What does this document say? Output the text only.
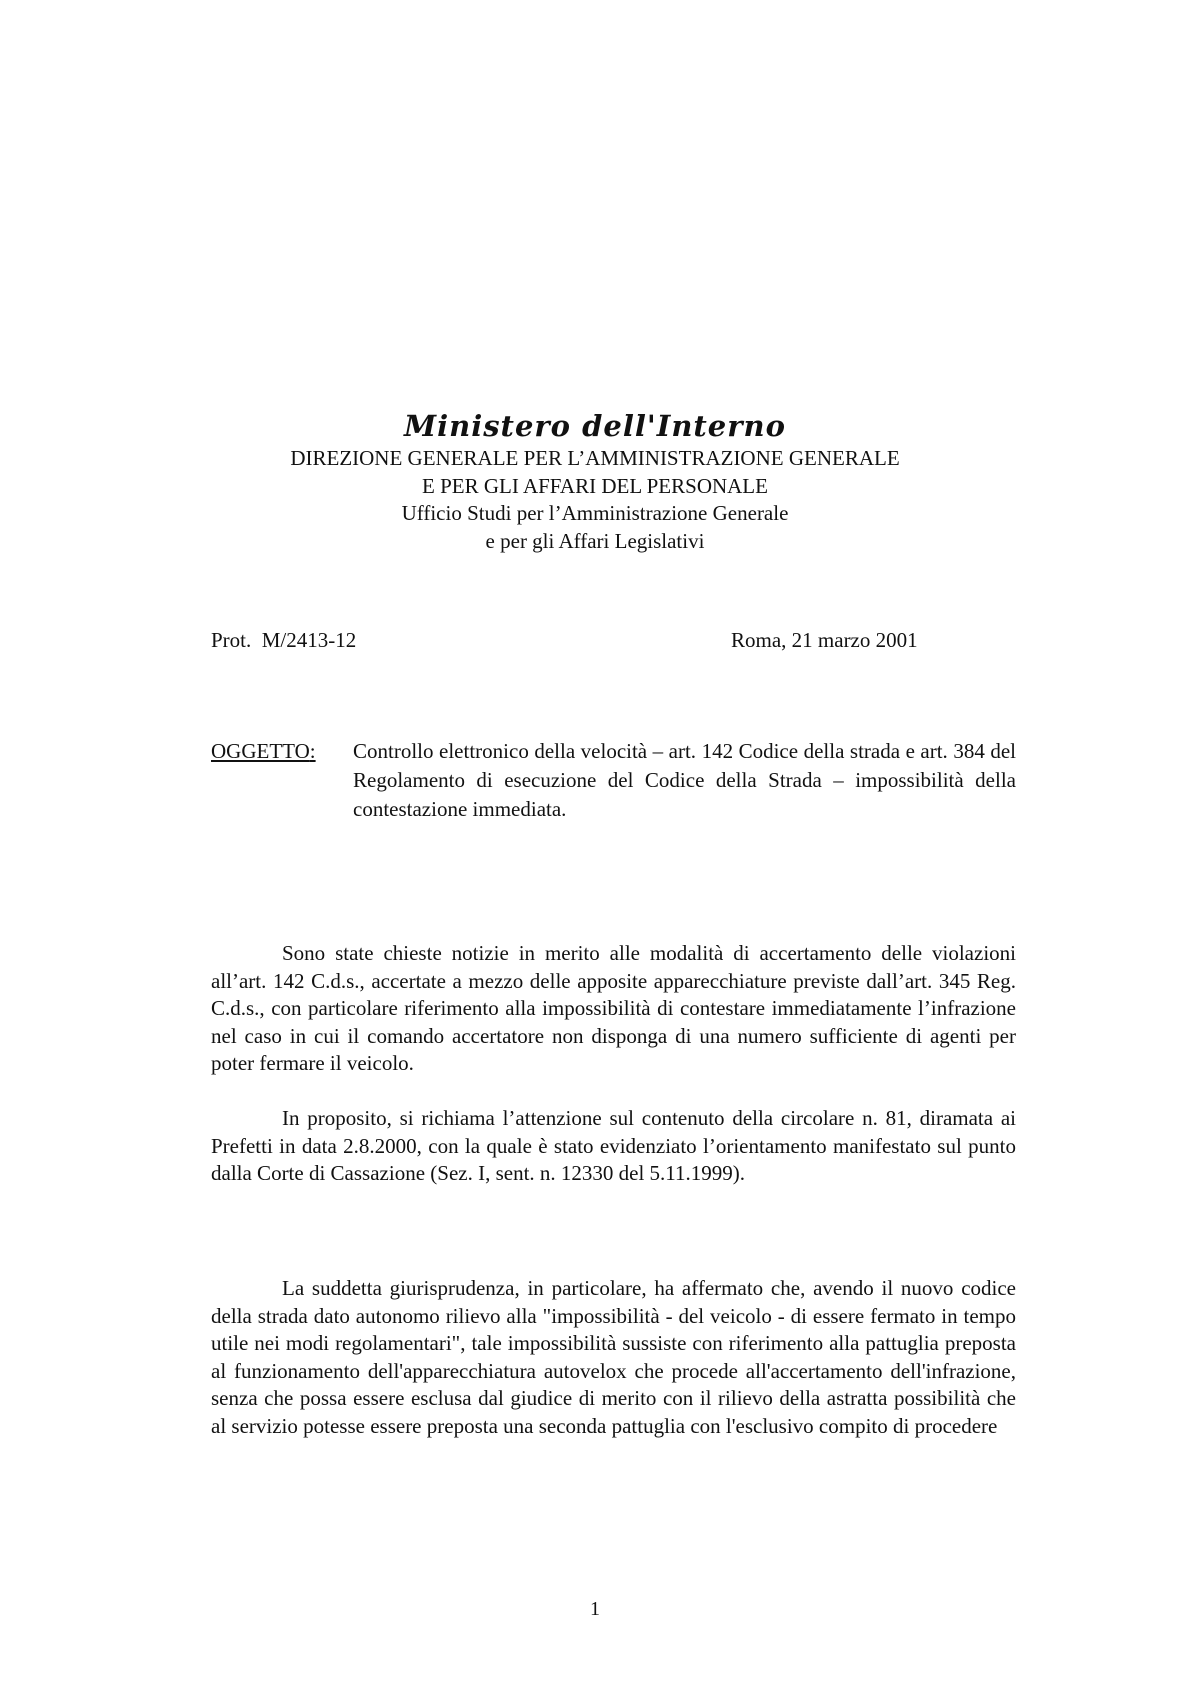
Ministero dell'Interno
DIREZIONE GENERALE PER L’AMMINISTRAZIONE GENERALE
E PER GLI AFFARI DEL PERSONALE
Ufficio Studi per l’Amministrazione Generale
e per gli Affari Legislativi
Prot.  M/2413-12	Roma, 21 marzo 2001
OGGETTO: Controllo elettronico della velocità – art. 142 Codice della strada e art. 384 del Regolamento di esecuzione del Codice della Strada – impossibilità della contestazione immediata.

Sono state chieste notizie in merito alle modalità di accertamento delle violazioni all’art. 142 C.d.s., accertate a mezzo delle apposite apparecchiature previste dall’art. 345 Reg. C.d.s., con particolare riferimento alla impossibilità di contestare immediatamente l’infrazione nel caso in cui il comando accertatore non disponga di una numero sufficiente di agenti per poter fermare il veicolo.

In proposito, si richiama l’attenzione sul contenuto della circolare n. 81, diramata ai Prefetti in data 2.8.2000, con la quale è stato evidenziato l’orientamento manifestato sul punto dalla Corte di Cassazione (Sez. I, sent. n. 12330 del 5.11.1999).

La suddetta giurisprudenza, in particolare, ha affermato che, avendo il nuovo codice della strada dato autonomo rilievo alla "impossibilità - del veicolo - di essere fermato in tempo utile nei modi regolamentari", tale impossibilità sussiste con riferimento alla pattuglia preposta al funzionamento dell'apparecchiatura autovelox che procede all'accertamento dell'infrazione, senza che possa essere esclusa dal giudice di merito con il rilievo della astratta possibilità che al servizio potesse essere preposta una seconda pattuglia con l'esclusivo compito di procedere

1
